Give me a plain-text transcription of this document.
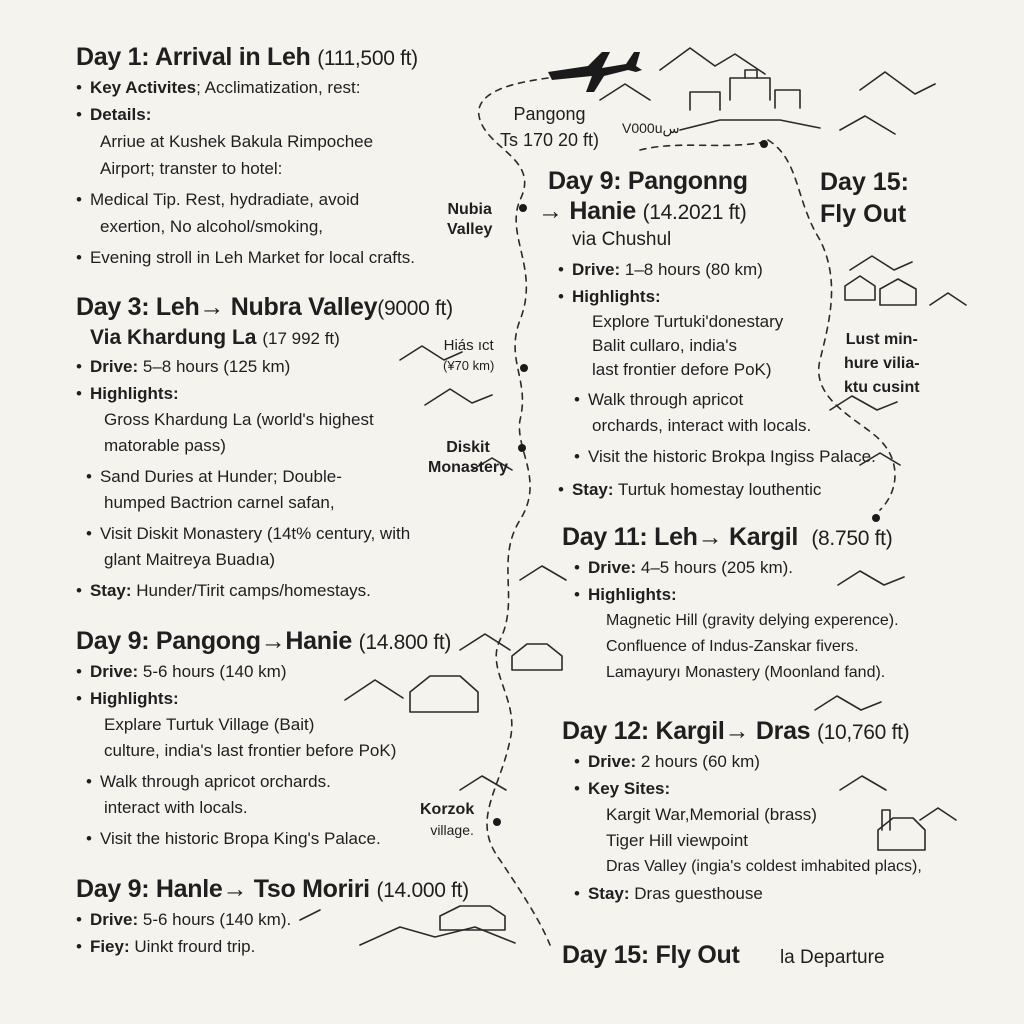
Day 1: Arrival in Leh (111,500 ft)
• Key Activites; Acclimatization, rest:
• Details:
Arriue at Kushek Bakula Rimpochee
Airport; transter to hotel:
• Medical Tip. Rest, hydradiate, avoid
exertion, No alcohol/smoking,
• Evening stroll in Leh Market for local crafts.
Day 3: Leh→ Nubra Valley(9000 ft)
Via Khardung La (17 992 ft)
• Drive: 5–8 hours (125 km)
• Highlights:
Gross Khardung La (world's highest
matorable pass)
• Sand Duries at Hunder; Double-
humped Bactrion carnel safan,
• Visit Diskit Monastery (14t% century, with
glant Maitreya Buadıa)
• Stay: Hunder/Tirit camps/homestays.
Day 9: Pangong→Hanie (14.800 ft)
• Drive: 5-6 hours (140 km)
• Highlights:
Explare Turtuk Village (Bait)
culture, india's last frontier before PoK)
• Walk through apricot orchards.
interact with locals.
• Visit the historic Bropa King's Palace.
Day 9: Hanle→ Tso Moriri (14.000 ft)
• Drive: 5-6 hours (140 km).
• Fiey: Uinkt frourd trip.
Day 9: Pangonng
→ Hanie (14.2021 ft)
via Chushul
• Drive: 1–8 hours (80 km)
• Highlights:
Explore Turtuki'donestary
Balit cullaro, india's
last frontier defore PoK)
• Walk through apricot
orchards, interact with locals.
• Visit the historic Brokpa Ingiss Palace.
• Stay: Turtuk homestay louthentic
Day 11: Leh→ Kargil (8.750 ft)
• Drive: 4–5 hours (205 km).
• Highlights:
Magnetic Hill (gravity delying experence).
Confluence of Indus-Zanskar fivers.
Lamayuryı Monastery (Moonland fand).
Day 12: Kargil→ Dras (10,760 ft)
• Drive: 2 hours (60 km)
• Key Sites:
Kargit War,Memorial (brass)
Tiger Hill viewpoint
Dras Valley (ingia's coldest imhabited placs),
• Stay: Dras guesthouse
Day 15: Fly Out la Departure
Pangong
Ts 170 20 ft)
V000uس
Nubia
Valley
Hiás ıct
(¥70 km)
Diskit
Monastery
Korzok
village.
Lust min-
hure vilia-
ktu cusint
Day 15:
Fly Out
